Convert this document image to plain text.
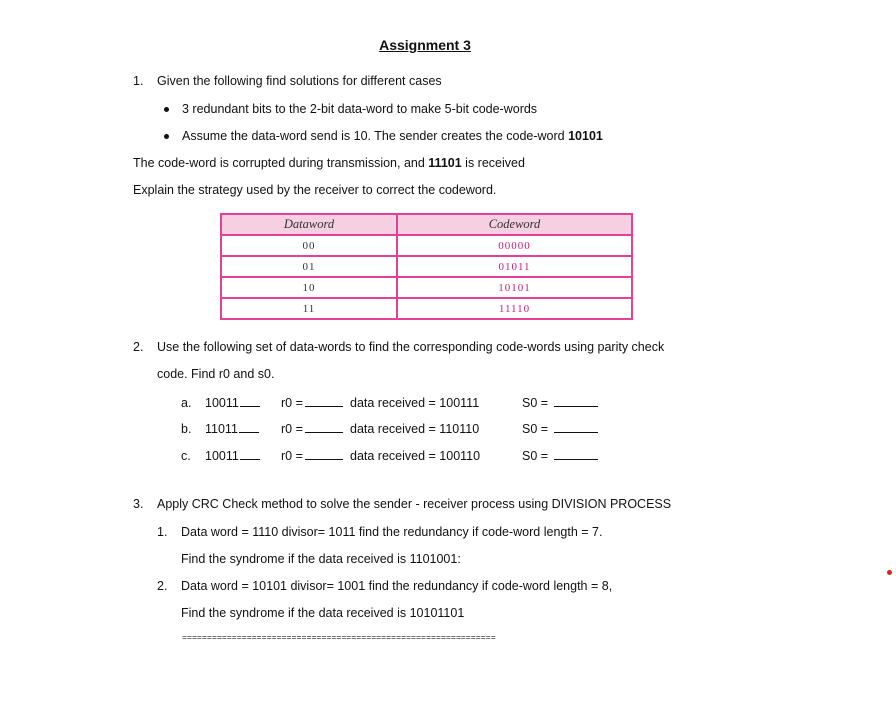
Assignment 3
1. Given the following find solutions for different cases
3 redundant bits to the 2-bit data-word to make 5-bit code-words
Assume the data-word send is 10. The sender creates the code-word 10101
The code-word is corrupted during transmission, and 11101 is received
Explain the strategy used by the receiver to correct the codeword.
Dataword	Codeword
00	00000
01	01011
10	10101
11	11110
2. Use the following set of data-words to find the corresponding code-words using parity check
code. Find r0 and s0.
a. 10011	r0 =	data received = 100111	S0 =
b. 11011	r0 =	data received = 110110	S0 =
c. 10011	r0 =	data received = 100110	S0 =
3. Apply CRC Check method to solve the sender - receiver process using DIVISION PROCESS
1. Data word = 1110 divisor= 1011 find the redundancy if code-word length = 7.
Find the syndrome if the data received is 1101001:
2. Data word = 10101 divisor= 1001 find the redundancy if code-word length = 8,
Find the syndrome if the data received is 10101101
===============================================================
